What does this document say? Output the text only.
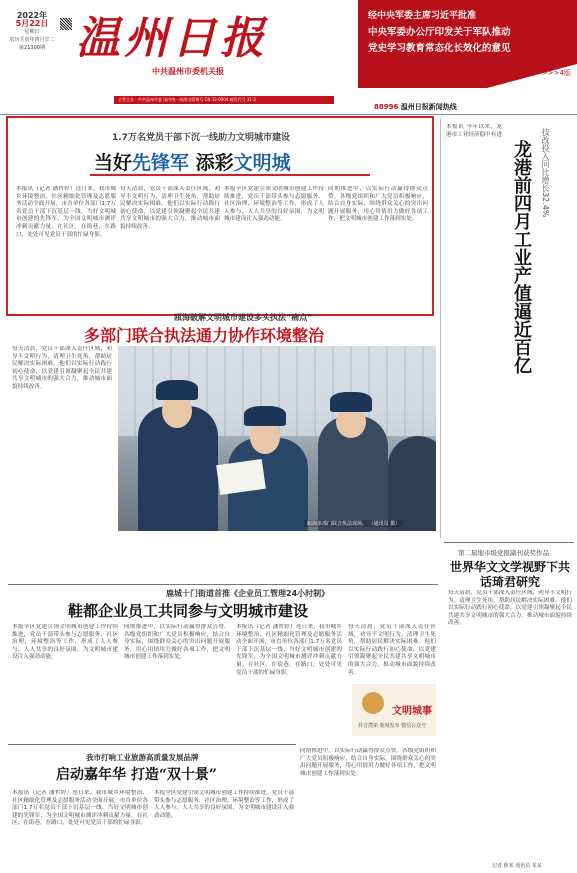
2022年
5月22日
星期日
农历壬寅年四月廿二
第21300期 温州日报
中共温州市委机关报
主管主办：中共温州市委 国内统一连续出版物号 CN 33-0004 邮发代号 31-2
经中央军委主席习近平批准
中央军委办公厅印发关于军队推动
党史学习教育常态化长效化的意见
>>>4版
88996 温州日报新闻热线
1.7万名党员干部下沉一线助力文明城市建设
当好先锋军 添彩文明城
本报讯（记者 潘哲婷）连日来，我市城乡环境整治、社区精细化管理及志愿服务活动全面开展，市直单位各部门1.7万名党员干部下沉基层一线，当好文明城市创建的先锋军，为全国文明城市测评冲刺贡献力量。在社区，在街巷，在路口，处处可见党员干部的忙碌身影。
每天清晨，党员干部深入责任区域，劝导不文明行为，清理卫生死角，帮助居民解决实际困难。他们以实际行动践行初心使命，以党建引领凝聚起全民共建共享文明城市的强大合力，推动城市面貌持续改善。
本报全区党建引领文明城市创建工作持续推进，党员干部带头参与志愿服务、社区治理、环境整治等工作，形成了人人参与、人人共享的良好氛围，为文明城市建设注入强劲动能。
同期推进中，以实际行动赢得群众点赞。各级党组织和广大党员积极响应，结合自身实际，围绕群众关心的突出问题开展服务，用心用情用力做好各项工作，把文明城市创建工作落到实处。
本报讯 今年以来，龙港市工业经济稳中有进
龙港前四月工业产值逼近百亿	技改投入同比增长32.4%
第二届地市级党报副刊获奖作品
世界华文文学视野下共话琦君研究
记者 陈某 通讯员 某某
瓯海破解文明城市建设多头执法“痛点”
多部门联合执法通力协作环境整治
瓯海多部门联合执法现场。 （通讯员 摄）
每天清晨，党员干部深入责任区域，劝导不文明行为，清理卫生死角，帮助居民解决实际困难。他们以实际行动践行初心使命，以党建引领凝聚起全民共建共享文明城市的强大合力，推动城市面貌持续改善。
鹿城十门街道首推《企业员工管理24小时制》
鞋都企业员工共同参与文明城市建设
本报全区党建引领文明城市创建工作持续推进，党员干部带头参与志愿服务、社区治理、环境整治等工作，形成了人人参与、人人共享的良好氛围，为文明城市建设注入强劲动能。
同期推进中，以实际行动赢得群众点赞。各级党组织和广大党员积极响应，结合自身实际，围绕群众关心的突出问题开展服务，用心用情用力做好各项工作，把文明城市创建工作落到实处。
本报讯（记者 潘哲婷）连日来，我市城乡环境整治、社区精细化管理及志愿服务活动全面开展，市直单位各部门1.7万名党员干部下沉基层一线，当好文明城市创建的先锋军，为全国文明城市测评冲刺贡献力量。在社区，在街巷，在路口，处处可见党员干部的忙碌身影。
每天清晨，党员干部深入责任区域，劝导不文明行为，清理卫生死角，帮助居民解决实际困难。他们以实际行动践行初心使命，以党建引领凝聚起全民共建共享文明城市的强大合力，推动城市面貌持续改善。
文明城事
抖音搜索·鹿城发布 微信公众号
我市打响工业旅游高质量发展品牌
启动嘉年华 打造“双十景”
本报讯（记者 潘哲婷）连日来，我市城乡环境整治、社区精细化管理及志愿服务活动全面开展，市直单位各部门1.7万名党员干部下沉基层一线，当好文明城市创建的先锋军，为全国文明城市测评冲刺贡献力量。在社区，在街巷，在路口，处处可见党员干部的忙碌身影。
本报全区党建引领文明城市创建工作持续推进，党员干部带头参与志愿服务、社区治理、环境整治等工作，形成了人人参与、人人共享的良好氛围，为文明城市建设注入强劲动能。
同期推进中，以实际行动赢得群众点赞。各级党组织和广大党员积极响应，结合自身实际，围绕群众关心的突出问题开展服务，用心用情用力做好各项工作，把文明城市创建工作落到实处。
每天清晨，党员干部深入责任区域，劝导不文明行为，清理卫生死角，帮助居民解决实际困难。他们以实际行动践行初心使命，以党建引领凝聚起全民共建共享文明城市的强大合力，推动城市面貌持续改善。
